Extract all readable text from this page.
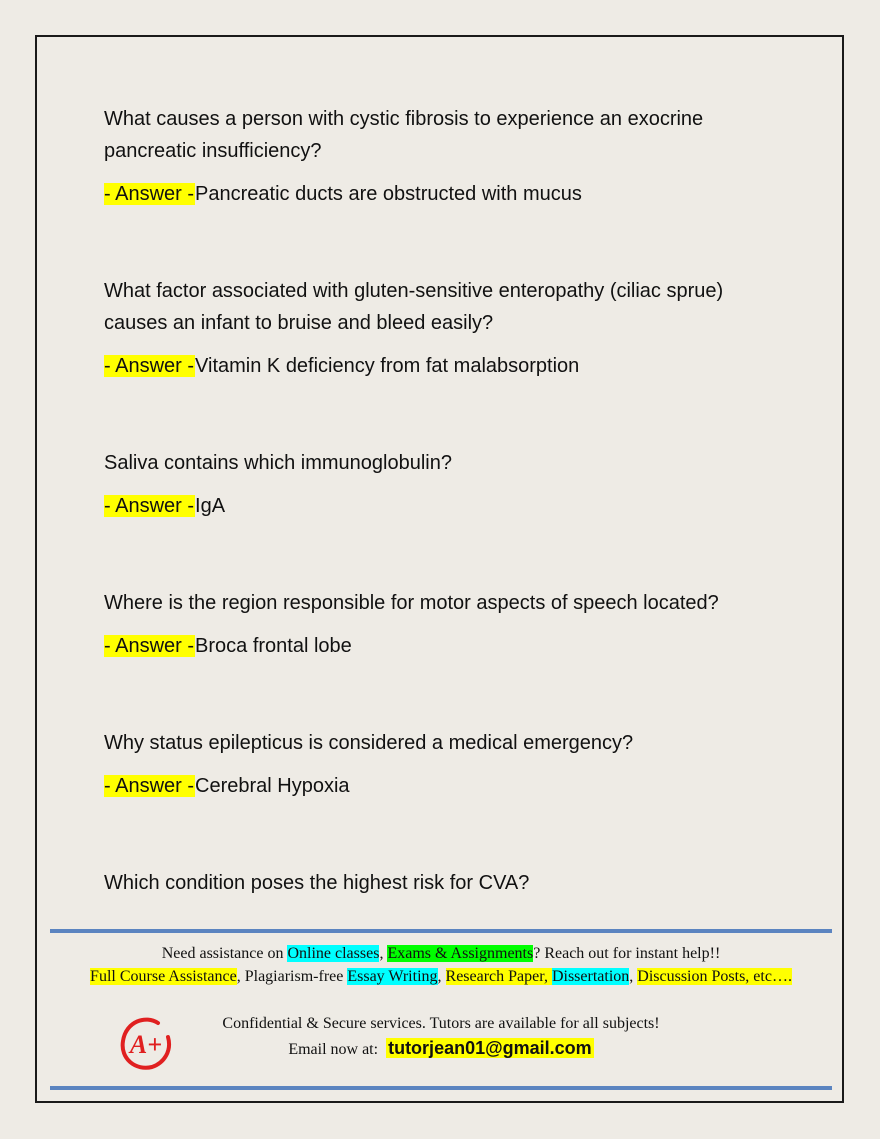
What causes a person with cystic fibrosis to experience an exocrine pancreatic insufficiency?

- Answer -Pancreatic ducts are obstructed with mucus

What factor associated with gluten-sensitive enteropathy (ciliac sprue) causes an infant to bruise and bleed easily?

- Answer -Vitamin K deficiency from fat malabsorption

Saliva contains which immunoglobulin?

- Answer -IgA

Where is the region responsible for motor aspects of speech located?

- Answer -Broca frontal lobe

Why status epilepticus is considered a medical emergency?

- Answer -Cerebral Hypoxia

Which condition poses the highest risk for CVA?

Need assistance on Online classes, Exams & Assignments? Reach out for instant help!!
Full Course Assistance, Plagiarism-free Essay Writing, Research Paper, Dissertation, Discussion Posts, etc….
A+
Confidential & Secure services. Tutors are available for all subjects!
Email now at: tutorjean01@gmail.com
